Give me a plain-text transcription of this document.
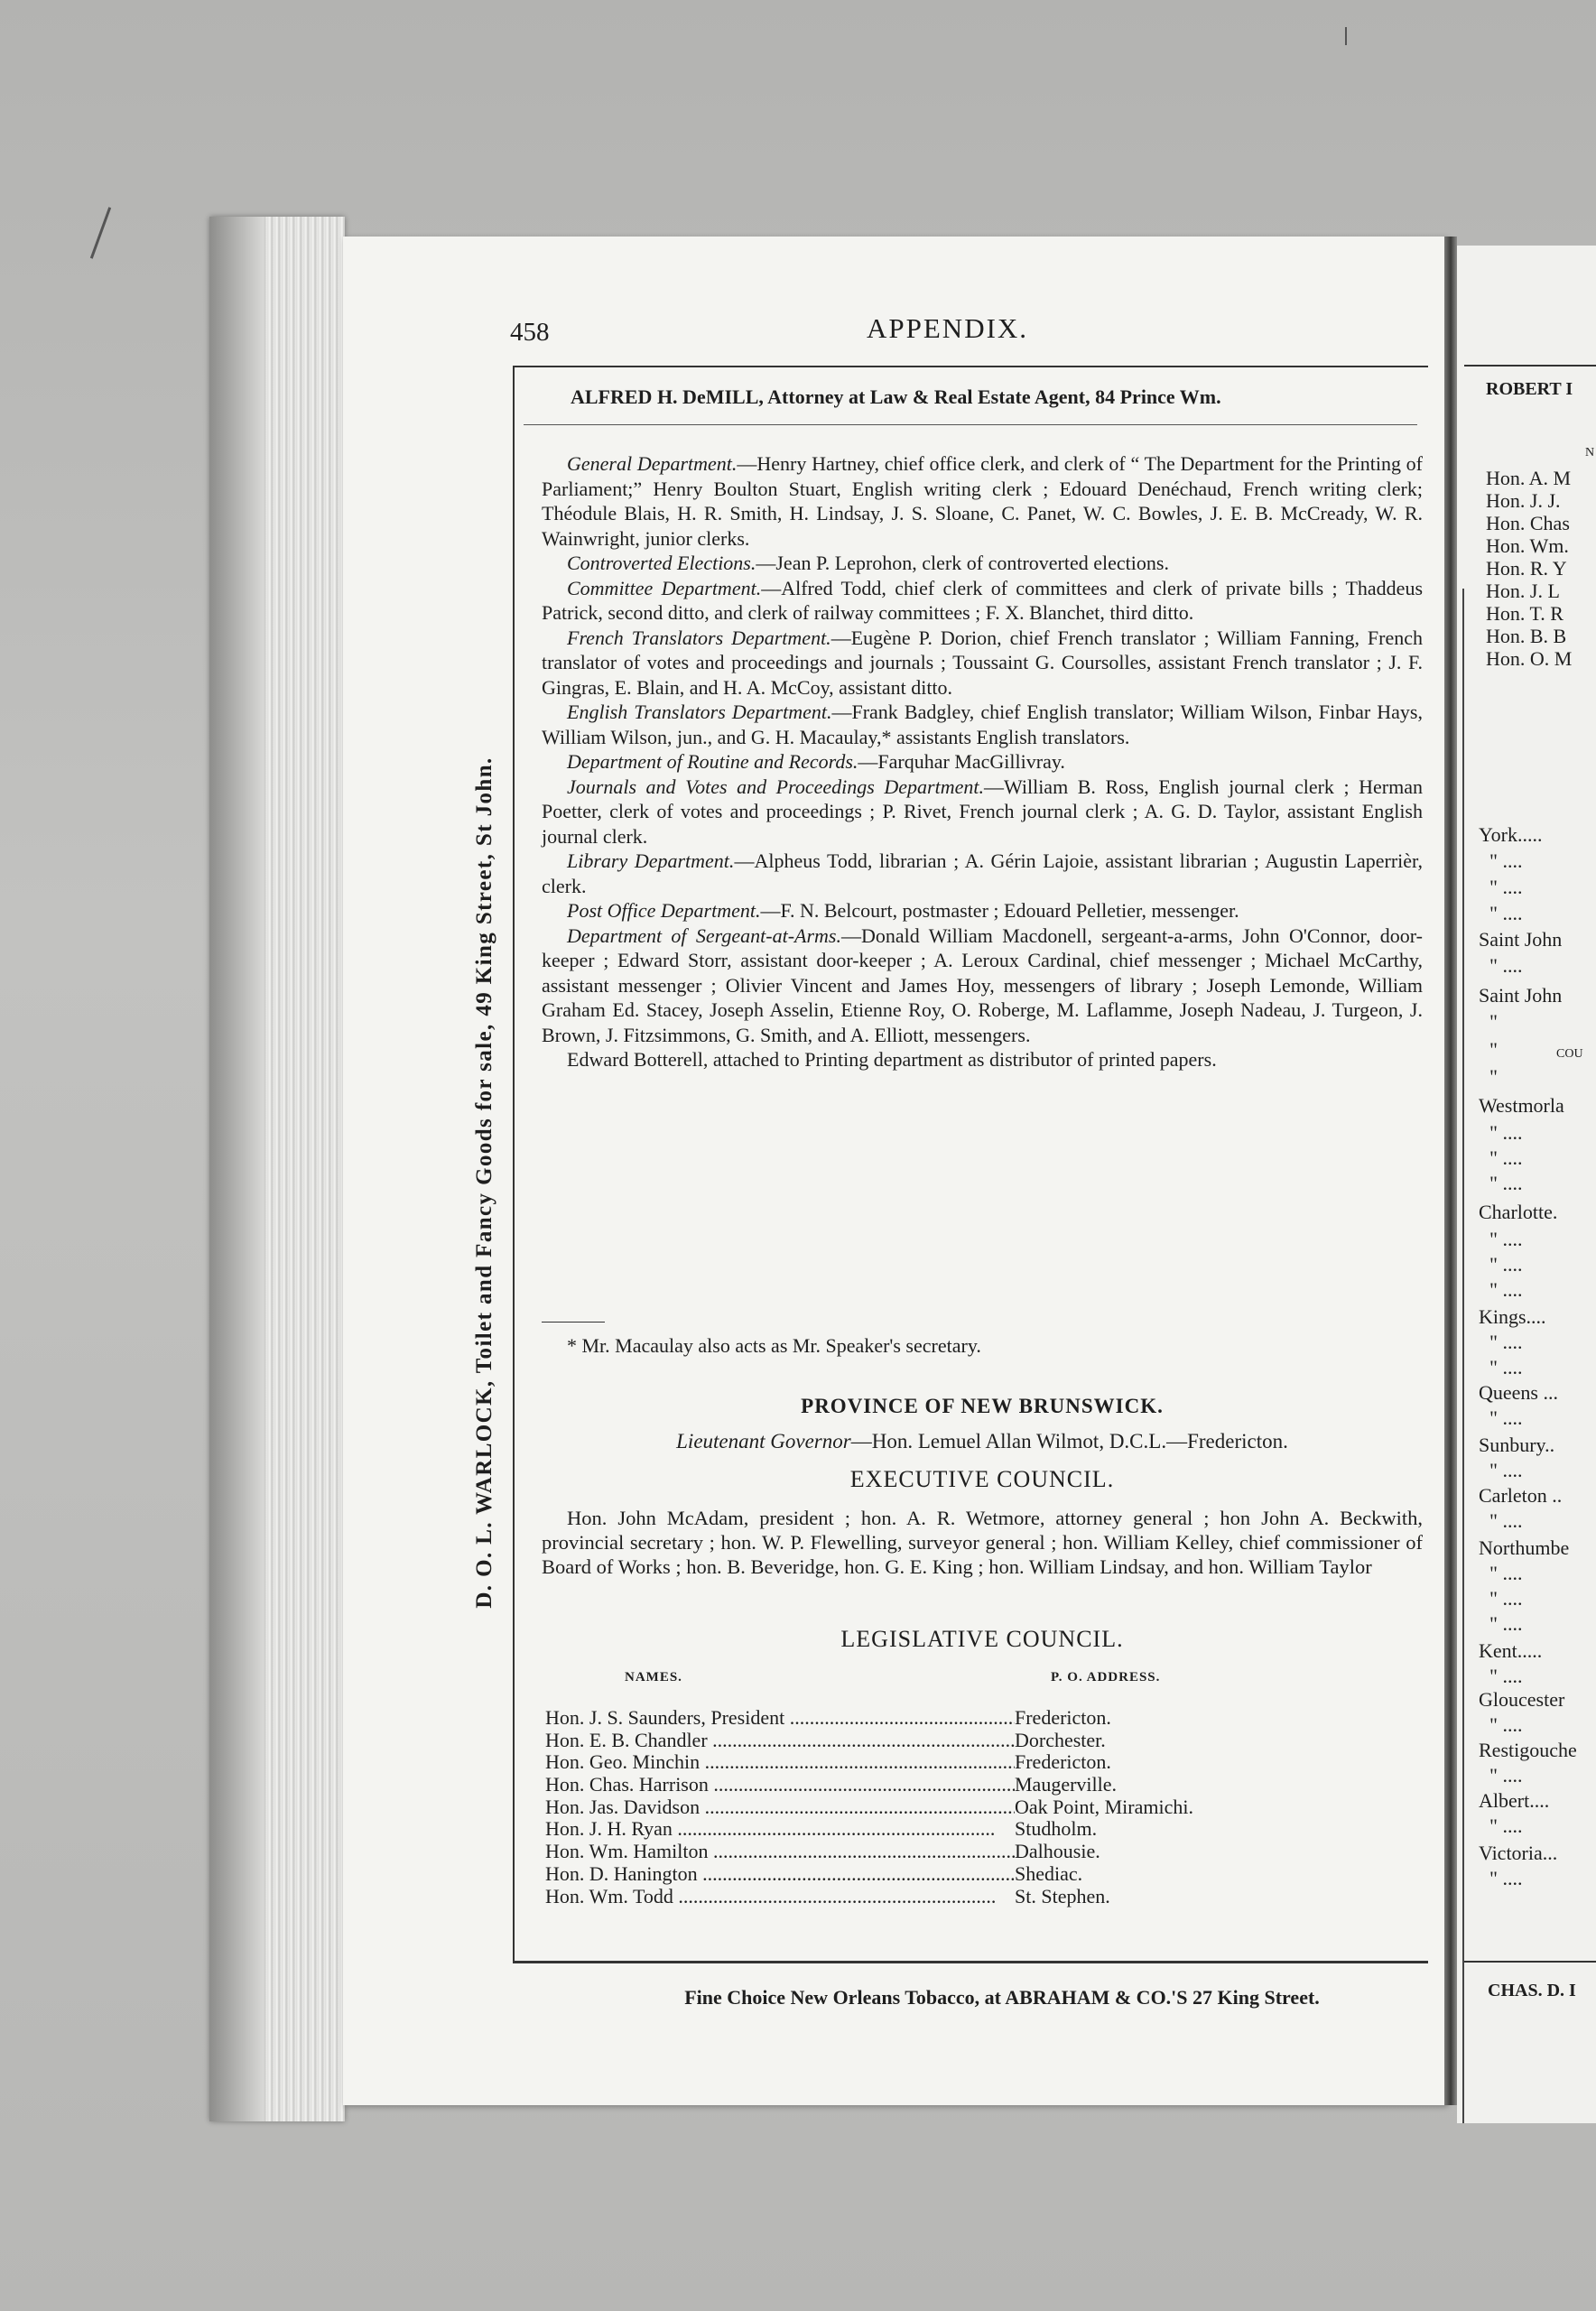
D. O. L. WARLOCK, Toilet and Fancy Goods for sale, 49 King Street, St John.
458	APPENDIX.
ALFRED H. DeMILL, Attorney at Law & Real Estate Agent, 84 Prince Wm.

General Department.—Henry Hartney, chief office clerk, and clerk of “ The Department for the Printing of Parliament;” Henry Boulton Stuart, English writing clerk ; Edouard Denéchaud, French writing clerk; Théodule Blais, H. R. Smith, H. Lindsay, J. S. Sloane, C. Panet, W. C. Bowles, J. E. B. McCready, W. R. Wainwright, junior clerks.

Controverted Elections.—Jean P. Leprohon, clerk of controverted elections.

Committee Department.—Alfred Todd, chief clerk of committees and clerk of private bills ; Thaddeus Patrick, second ditto, and clerk of railway committees ; F. X. Blanchet, third ditto.

French Translators Department.—Eugène P. Dorion, chief French translator ; William Fanning, French translator of votes and proceedings and journals ; Toussaint G. Coursolles, assistant French translator ; J. F. Gingras, E. Blain, and H. A. McCoy, assistant ditto.

English Translators Department.—Frank Badgley, chief English translator; William Wilson, Finbar Hays, William Wilson, jun., and G. H. Macaulay,* assistants English translators.

Department of Routine and Records.—Farquhar MacGillivray.

Journals and Votes and Proceedings Department.—William B. Ross, English journal clerk ; Herman Poetter, clerk of votes and proceedings ; P. Rivet, French journal clerk ; A. G. D. Taylor, assistant English journal clerk.

Library Department.—Alpheus Todd, librarian ; A. Gérin Lajoie, assistant librarian ; Augustin Laperrièr, clerk.

Post Office Department.—F. N. Belcourt, postmaster ; Edouard Pelletier, messenger.

Department of Sergeant-at-Arms.—Donald William Macdonell, sergeant-a-arms, John O'Connor, door-keeper ; Edward Storr, assistant door-keeper ; A. Leroux Cardinal, chief messenger ; Michael McCarthy, assistant messenger ; Olivier Vincent and James Hoy, messengers of library ; Joseph Lemonde, William Graham Ed. Stacey, Joseph Asselin, Etienne Roy, O. Roberge, M. Laflamme, Joseph Nadeau, J. Turgeon, J. Brown, J. Fitzsimmons, G. Smith, and A. Elliott, messengers.

Edward Botterell, attached to Printing department as distributor of printed papers.

* Mr. Macaulay also acts as Mr. Speaker's secretary.
PROVINCE OF NEW BRUNSWICK.
Lieutenant Governor—Hon. Lemuel Allan Wilmot, D.C.L.—Fredericton.
EXECUTIVE COUNCIL.

Hon. John McAdam, president ; hon. A. R. Wetmore, attorney general ; hon John A. Beckwith, provincial secretary ; hon. W. P. Flewelling, surveyor general ; hon. William Kelley, chief commissioner of Board of Works ; hon. B. Beveridge, hon. G. E. King ; hon. William Lindsay, and hon. William Taylor

LEGISLATIVE COUNCIL.
NAMES.	P. O. ADDRESS.
Hon. J. S. Saunders, President .....	Fredericton.
Hon. E. B. Chandler .....	Dorchester.
Hon. Geo. Minchin .....	Fredericton.
Hon. Chas. Harrison .....	Maugerville.
Hon. Jas. Davidson .....	Oak Point, Miramichi.
Hon. J. H. Ryan .....	Studholm.
Hon. Wm. Hamilton .....	Dalhousie.
Hon. D. Hanington .....	Shediac.
Hon. Wm. Todd .....	St. Stephen.
Fine Choice New Orleans Tobacco, at ABRAHAM & CO.'S 27 King Street.
ROBERT I
N
Hon. A. M
Hon. J. J.
Hon. Chas
Hon. Wm.
Hon. R. Y
Hon. J. L
Hon. T. R
Hon. B. B
Hon. O. M
COU
York.....
" ....
" ....
" ....
Saint John
" ....
Saint John
"
"
"
Westmorla
" ....
" ....
" ....
Charlotte.
" ....
" ....
" ....
Kings....
" ....
" ....
Queens ...
" ....
Sunbury..
" ....
Carleton ..
" ....
Northumbe
" ....
" ....
" ....
Kent.....
" ....
Gloucester
" ....
Restigouche
" ....
Albert....
" ....
Victoria...
" ....
CHAS. D. I
